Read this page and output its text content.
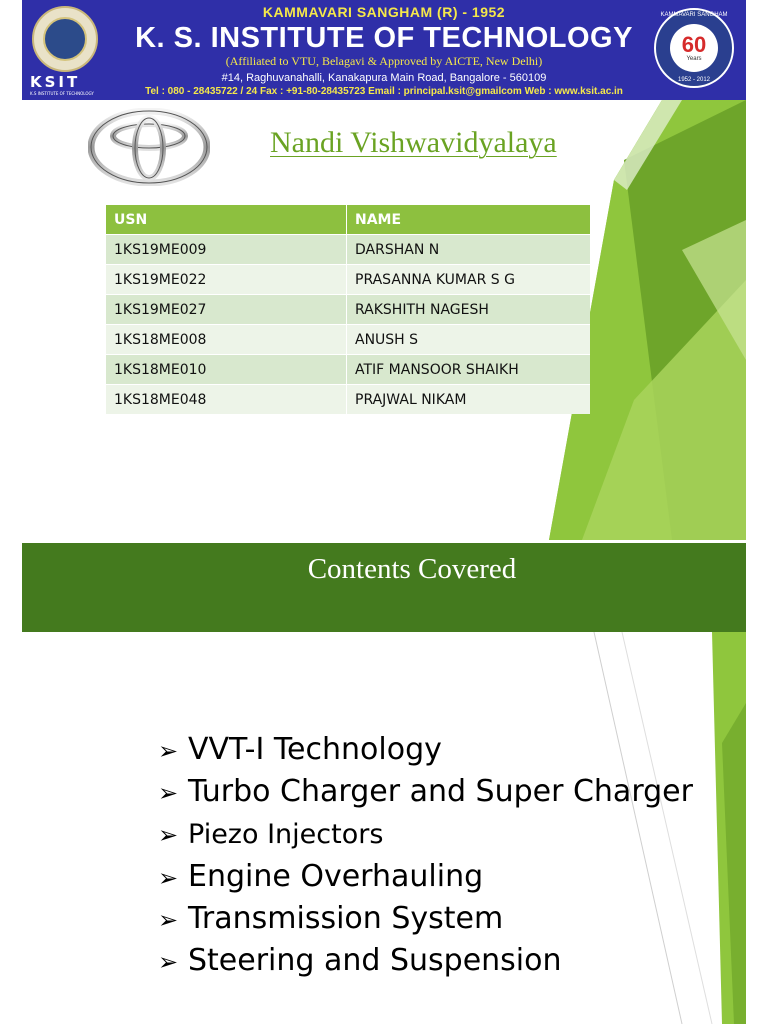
KSIT
K.S INSTITUTE OF TECHNOLOGY
KAMMAVARI SANGHAM (R) - 1952
K. S. INSTITUTE OF TECHNOLOGY
(Affiliated to VTU, Belagavi & Approved by AICTE, New Delhi)
#14, Raghuvanahalli, Kanakapura Main Road, Bangalore - 560109
Tel : 080 - 28435722 / 24 Fax : +91-80-28435723 Email : principal.ksit@gmailcom Web : www.ksit.ac.in
KAMMAVARI SANGHAM
60
Years
1952 - 2012
Nandi Vishwavidyalaya
USN	NAME
1KS19ME009	DARSHAN N
1KS19ME022	PRASANNA KUMAR S G
1KS19ME027	RAKSHITH NAGESH
1KS18ME008	ANUSH S
1KS18ME010	ATIF MANSOOR SHAIKH
1KS18ME048	PRAJWAL NIKAM
Contents Covered
➢ VVT-I Technology
➢ Turbo Charger and Super Charger
➢ Piezo Injectors
➢ Engine Overhauling
➢ Transmission System
➢ Steering and Suspension
